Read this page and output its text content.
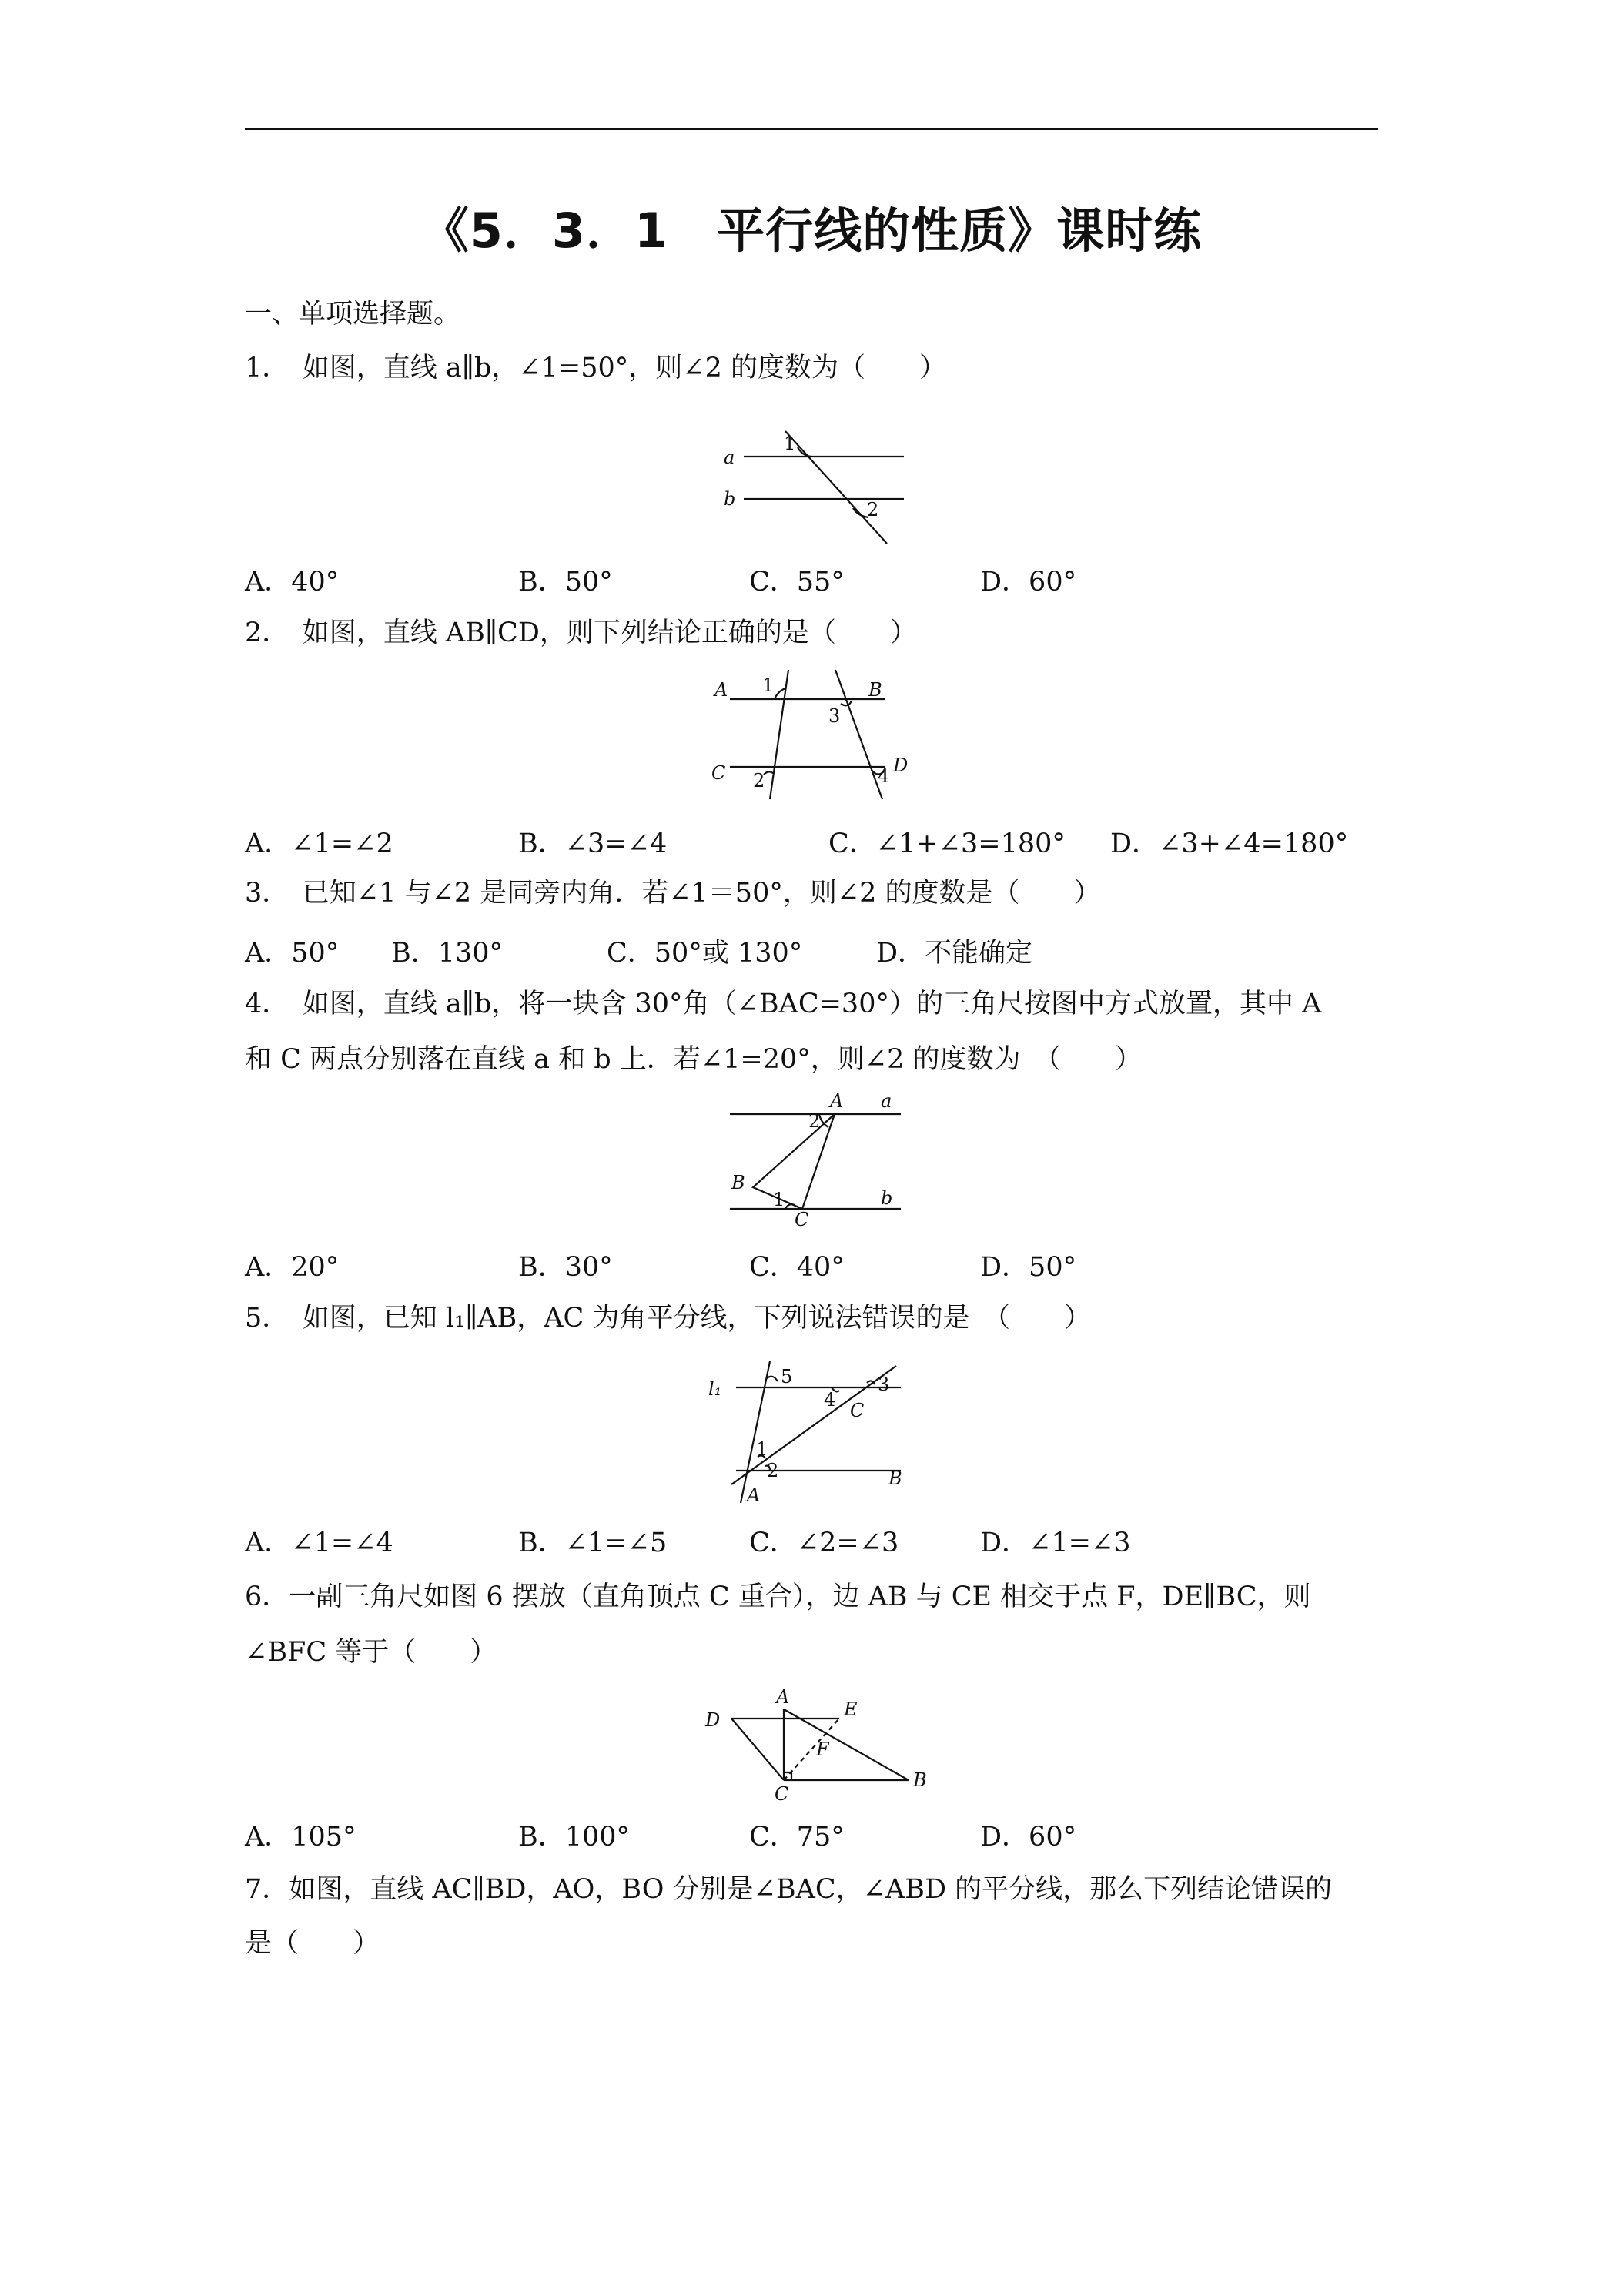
《5．3．1　平行线的性质》课时练
一、单项选择题。
1．　如图，直线 a∥b，∠1=50°，则∠2 的度数为（　　）
a
b
1
2
A．40°	B．50°	C．55°	D．60°
2．　如图，直线 AB∥CD，则下列结论正确的是（　　）
A	B
C	D
1
2
3
4
A．∠1=∠2	B．∠3=∠4	C．∠1+∠3=180° D．∠3+∠4=180°
3．　已知∠1 与∠2 是同旁内角．若∠1＝50°，则∠2 的度数是（　　）
A．50° B．130°	C．50°或 130°	D．不能确定
4．　如图，直线 a∥b，将一块含 30°角（∠BAC=30°）的三角尺按图中方式放置，其中 A
和 C 两点分别落在直线 a 和 b 上．若∠1=20°，则∠2 的度数为　（　　）
A a
B
C
b
1
2
A．20°	B．30°	C．40°	D．50°
5．　如图，已知 l₁∥AB，AC 为角平分线，下列说法错误的是　（　　）
l₁
A
B
C
1
2
3
4
5
A．∠1=∠4	B．∠1=∠5	C．∠2=∠3	D．∠1=∠3
6．一副三角尺如图 6 摆放（直角顶点 C 重合），边 AB 与 CE 相交于点 F，DE∥BC，则
∠BFC 等于（　　）
D
A
E
F
C
B
A．105°	B．100°	C．75°	D．60°
7．如图，直线 AC∥BD，AO，BO 分别是∠BAC，∠ABD 的平分线，那么下列结论错误的
是（　　）
